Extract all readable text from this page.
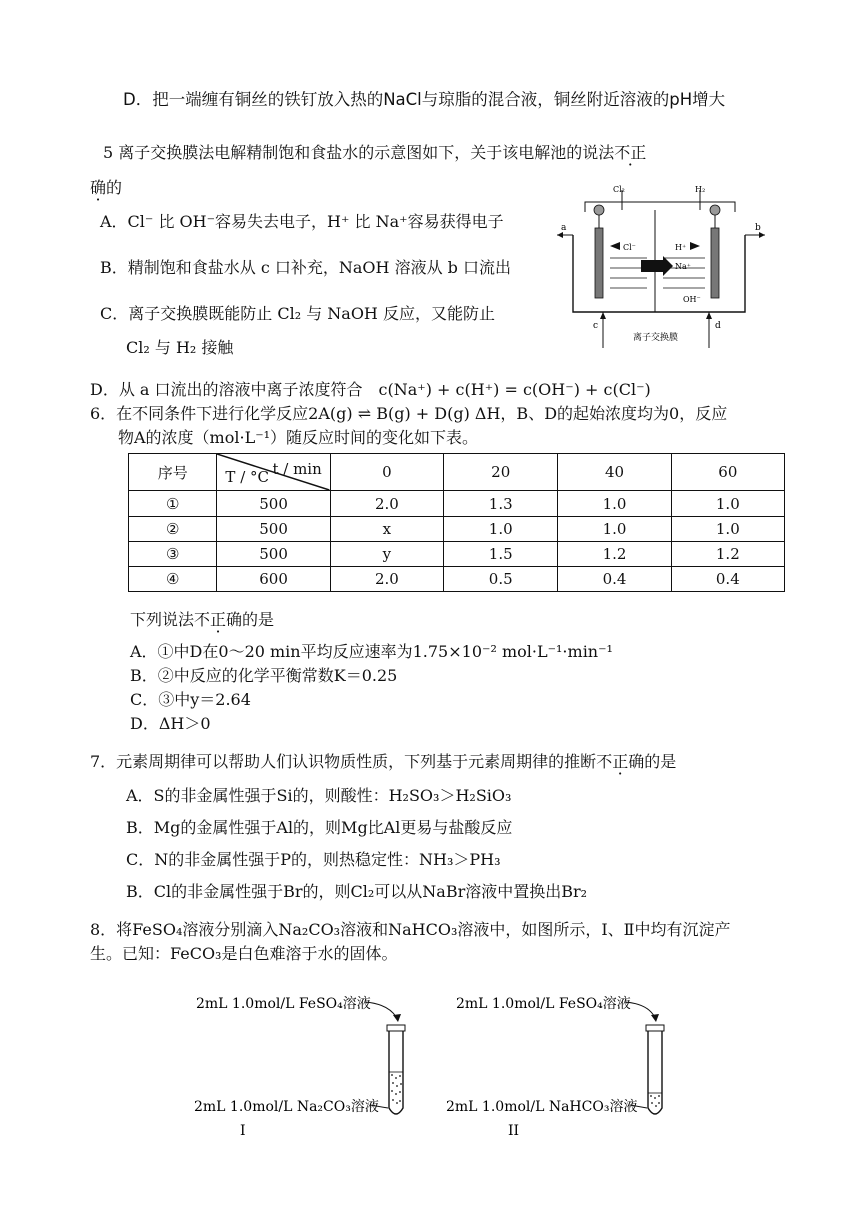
D．把一端缠有铜丝的铁钉放入热的NaCl与琼脂的混合液，铜丝附近溶液的pH增大
5 离子交换膜法电解精制饱和食盐水的示意图如下，关于该电解池的说法不正
确的
A．Cl⁻ 比 OH⁻容易失去电子，H⁺ 比 Na⁺容易获得电子
B．精制饱和食盐水从 c 口补充，NaOH 溶液从 b 口流出
C．离子交换膜既能防止 Cl₂ 与 NaOH 反应，又能防止
Cl₂ 与 H₂ 接触
D．从 a 口流出的溶液中离子浓度符合　c(Na⁺) + c(H⁺) = c(OH⁻) + c(Cl⁻)
Cl₂	H₂
Cl⁻	H⁺
Na⁺
OH⁻
a	b
c	d
离子交换膜
6．在不同条件下进行化学反应2A(g) ⇌ B(g) + D(g) ΔH，B、D的起始浓度均为0，反应
物A的浓度（mol·L⁻¹）随反应时间的变化如下表。
序号	T / °C t / min	0	20	40	60
①	500	2.0	1.3	1.0	1.0
②	500	x	1.0	1.0	1.0
③	500	y	1.5	1.2	1.2
④	600	2.0	0.5	0.4	0.4
下列说法不正确的是
A．①中D在0～20 min平均反应速率为1.75×10⁻² mol·L⁻¹·min⁻¹
B．②中反应的化学平衡常数K＝0.25
C．③中y＝2.64
D．ΔH＞0
7．元素周期律可以帮助人们认识物质性质，下列基于元素周期律的推断不正确的是
A．S的非金属性强于Si的，则酸性：H₂SO₃＞H₂SiO₃
B．Mg的金属性强于Al的，则Mg比Al更易与盐酸反应
C．N的非金属性强于P的，则热稳定性：NH₃＞PH₃
B．Cl的非金属性强于Br的，则Cl₂可以从NaBr溶液中置换出Br₂
8．将FeSO₄溶液分别滴入Na₂CO₃溶液和NaHCO₃溶液中，如图所示，Ⅰ、Ⅱ中均有沉淀产
生。已知：FeCO₃是白色难溶于水的固体。
2mL 1.0mol/L FeSO₄溶液
2mL 1.0mol/L Na₂CO₃溶液
I
2mL 1.0mol/L FeSO₄溶液
2mL 1.0mol/L NaHCO₃溶液
II
